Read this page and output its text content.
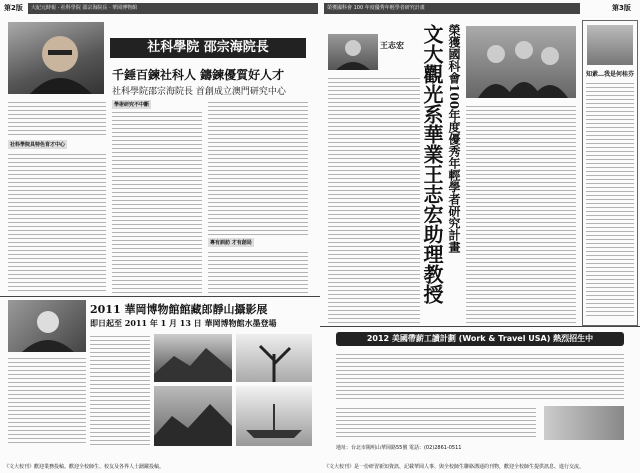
第2版	大紀元時報 · 社科學院 邵宗海院長 · 華岡博物館
社科學院 邵宗海院長
千錘百鍊社科人 鑄鍊優質好人才
社科學院邵宗海院長 首創成立澳門研究中心
社科學院具特色育才中心
學術研究不中斷
專有訓訪 才有創局
2011 華岡博物館館藏郎靜山攝影展
即日起至 2011 年 1 月 13 日 華岡博物館水墨登場
《文大校刊》歡迎業務投稿。歡迎全校師生、校友及各界人士踴躍投稿。
榮獲國科會 100 年度優秀年輕學者研究計畫	第3版
王志宏 文大觀光系華業王志宏助理教授 榮獲國科會100年度優秀年輕學者研究計畫	知素…我是何桂芬
2012 美國帶薪工讀計劃 (Work & Travel USA) 熱烈招生中
地址：台北市陽明山華岡路55號 電話：(02)2861-0511
《文大校刊》是一份研習新知資訊、記載華岡人事、與全校師生聯絡溝通的刊物，歡迎全校師生提供訊息、進行交流。
